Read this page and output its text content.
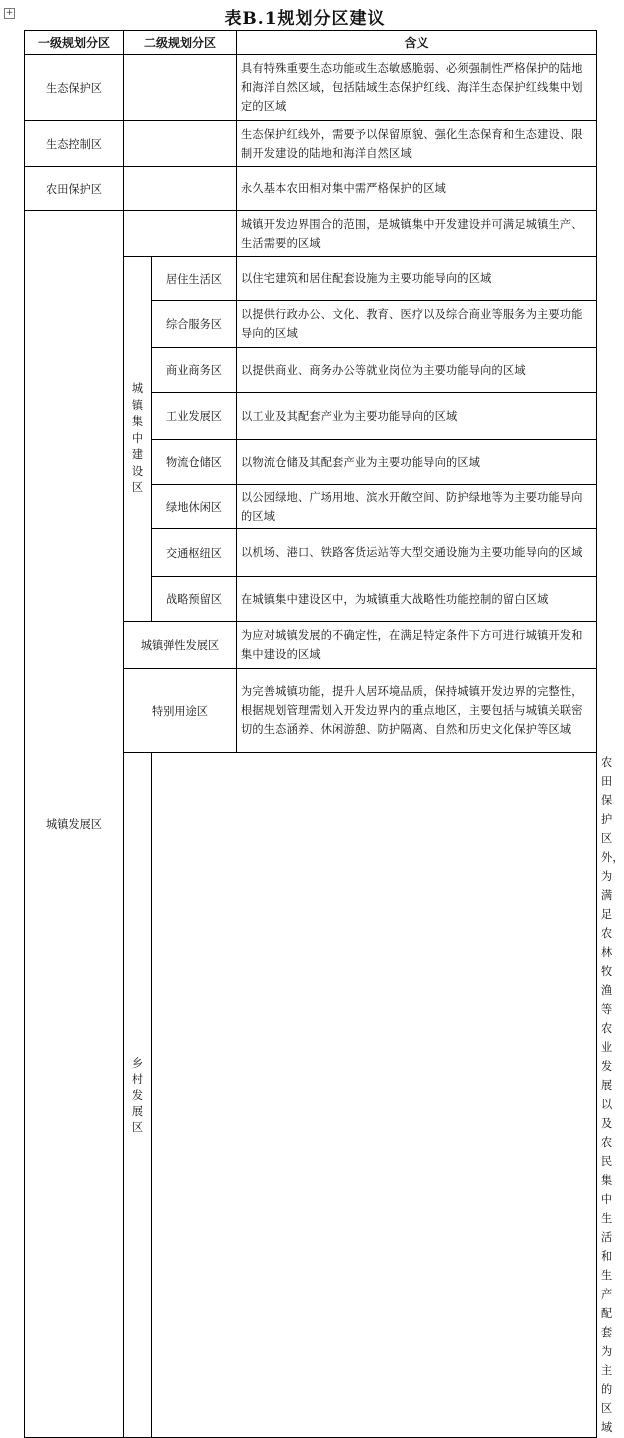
+	表B.1规划分区建议
一级规划分区	二级规划分区		含义	
生态保护区			具有特殊重要生态功能或生态敏感脆弱、必须强制性严格保护的陆地和海洋自然区域，包括陆域生态保护红线、海洋生态保护红线集中划定的区域	
生态控制区			生态保护红线外，需要予以保留原貌、强化生态保育和生态建设、限制开发建设的陆地和海洋自然区域	
农田保护区			永久基本农田相对集中需严格保护的区域	
城镇发展区			城镇开发边界围合的范围，是城镇集中开发建设并可满足城镇生产、生活需要的区域	
	城镇集中建设区	居住生活区	以住宅建筑和居住配套设施为主要功能导向的区域	
		综合服务区	以提供行政办公、文化、教育、医疗以及综合商业等服务为主要功能导向的区域	
		商业商务区	以提供商业、商务办公等就业岗位为主要功能导向的区域	
		工业发展区	以工业及其配套产业为主要功能导向的区域	
		物流仓储区	以物流仓储及其配套产业为主要功能导向的区域	
		绿地休闲区	以公园绿地、广场用地、滨水开敞空间、防护绿地等为主要功能导向的区域	
		交通枢纽区	以机场、港口、铁路客货运站等大型交通设施为主要功能导向的区域	
		战略预留区	在城镇集中建设区中，为城镇重大战略性功能控制的留白区域	
	城镇弹性发展区		为应对城镇发展的不确定性，在满足特定条件下方可进行城镇开发和集中建设的区域	
	特别用途区		为完善城镇功能，提升人居环境品质，保持城镇开发边界的完整性，根据规划管理需划入开发边界内的重点地区，主要包括与城镇关联密切的生态涵养、休闲游憩、防护隔离、自然和历史文化保护等区域	
	乡村发展区			农田保护区外，为满足农林牧渔等农业发展以及农民集中生活和生产配套为主的区域
